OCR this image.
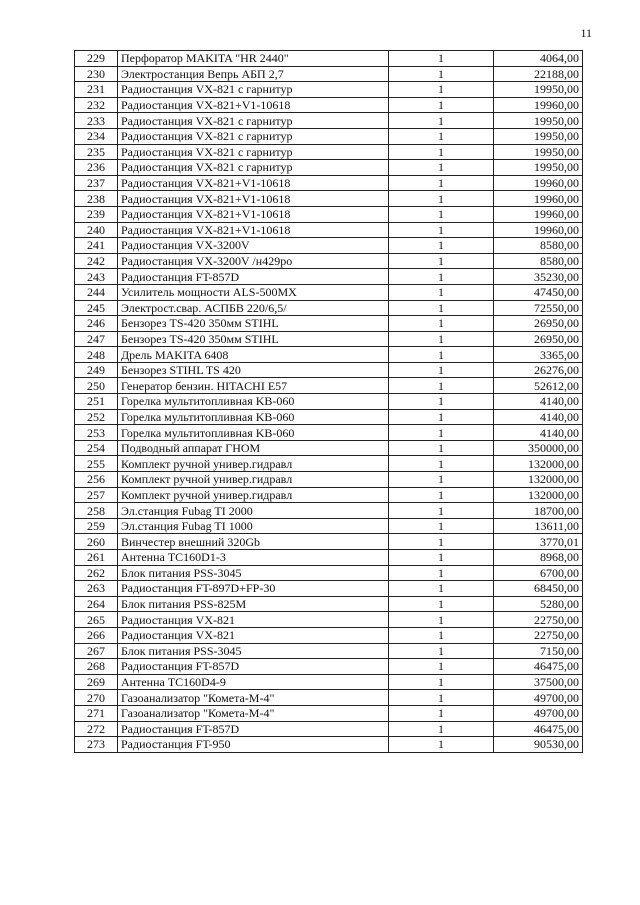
11
229	Перфоратор MAKITA "HR 2440"	1	4064,00
230	Электростанция Вепрь АБП 2,7	1	22188,00
231	Радиостанция VX-821 с гарнитур	1	19950,00
232	Радиостанция VX-821+V1-10618	1	19960,00
233	Радиостанция VX-821 с гарнитур	1	19950,00
234	Радиостанция VX-821 с гарнитур	1	19950,00
235	Радиостанция VX-821 с гарнитур	1	19950,00
236	Радиостанция VX-821 с гарнитур	1	19950,00
237	Радиостанция VX-821+V1-10618	1	19960,00
238	Радиостанция VX-821+V1-10618	1	19960,00
239	Радиостанция VX-821+V1-10618	1	19960,00
240	Радиостанция VX-821+V1-10618	1	19960,00
241	Радиостанция VX-3200V	1	8580,00
242	Радиостанция VX-3200V /н429ро	1	8580,00
243	Радиостанция FT-857D	1	35230,00
244	Усилитель мощности ALS-500MX	1	47450,00
245	Электрост.свар. АСПБВ 220/6,5/	1	72550,00
246	Бензорез TS-420 350мм STIHL	1	26950,00
247	Бензорез TS-420 350мм STIHL	1	26950,00
248	Дрель MAKITA 6408	1	3365,00
249	Бензорез STIHL TS 420	1	26276,00
250	Генератор бензин. HITACHI E57	1	52612,00
251	Горелка мультитопливная KB-060	1	4140,00
252	Горелка мультитопливная KB-060	1	4140,00
253	Горелка мультитопливная KB-060	1	4140,00
254	Подводный аппарат ГНОМ	1	350000,00
255	Комплект ручной универ.гидравл	1	132000,00
256	Комплект ручной универ.гидравл	1	132000,00
257	Комплект ручной универ.гидравл	1	132000,00
258	Эл.станция Fubag TI 2000	1	18700,00
259	Эл.станция Fubag TI 1000	1	13611,00
260	Винчестер внешний 320Gb	1	3770,01
261	Антенна TC160D1-3	1	8968,00
262	Блок питания PSS-3045	1	6700,00
263	Радиостанция FT-897D+FP-30	1	68450,00
264	Блок питания PSS-825M	1	5280,00
265	Радиостанция VX-821	1	22750,00
266	Радиостанция VX-821	1	22750,00
267	Блок питания PSS-3045	1	7150,00
268	Радиостанция FT-857D	1	46475,00
269	Антенна TC160D4-9	1	37500,00
270	Газоанализатор "Комета-М-4"	1	49700,00
271	Газоанализатор "Комета-М-4"	1	49700,00
272	Радиостанция FT-857D	1	46475,00
273	Радиостанция FT-950	1	90530,00
